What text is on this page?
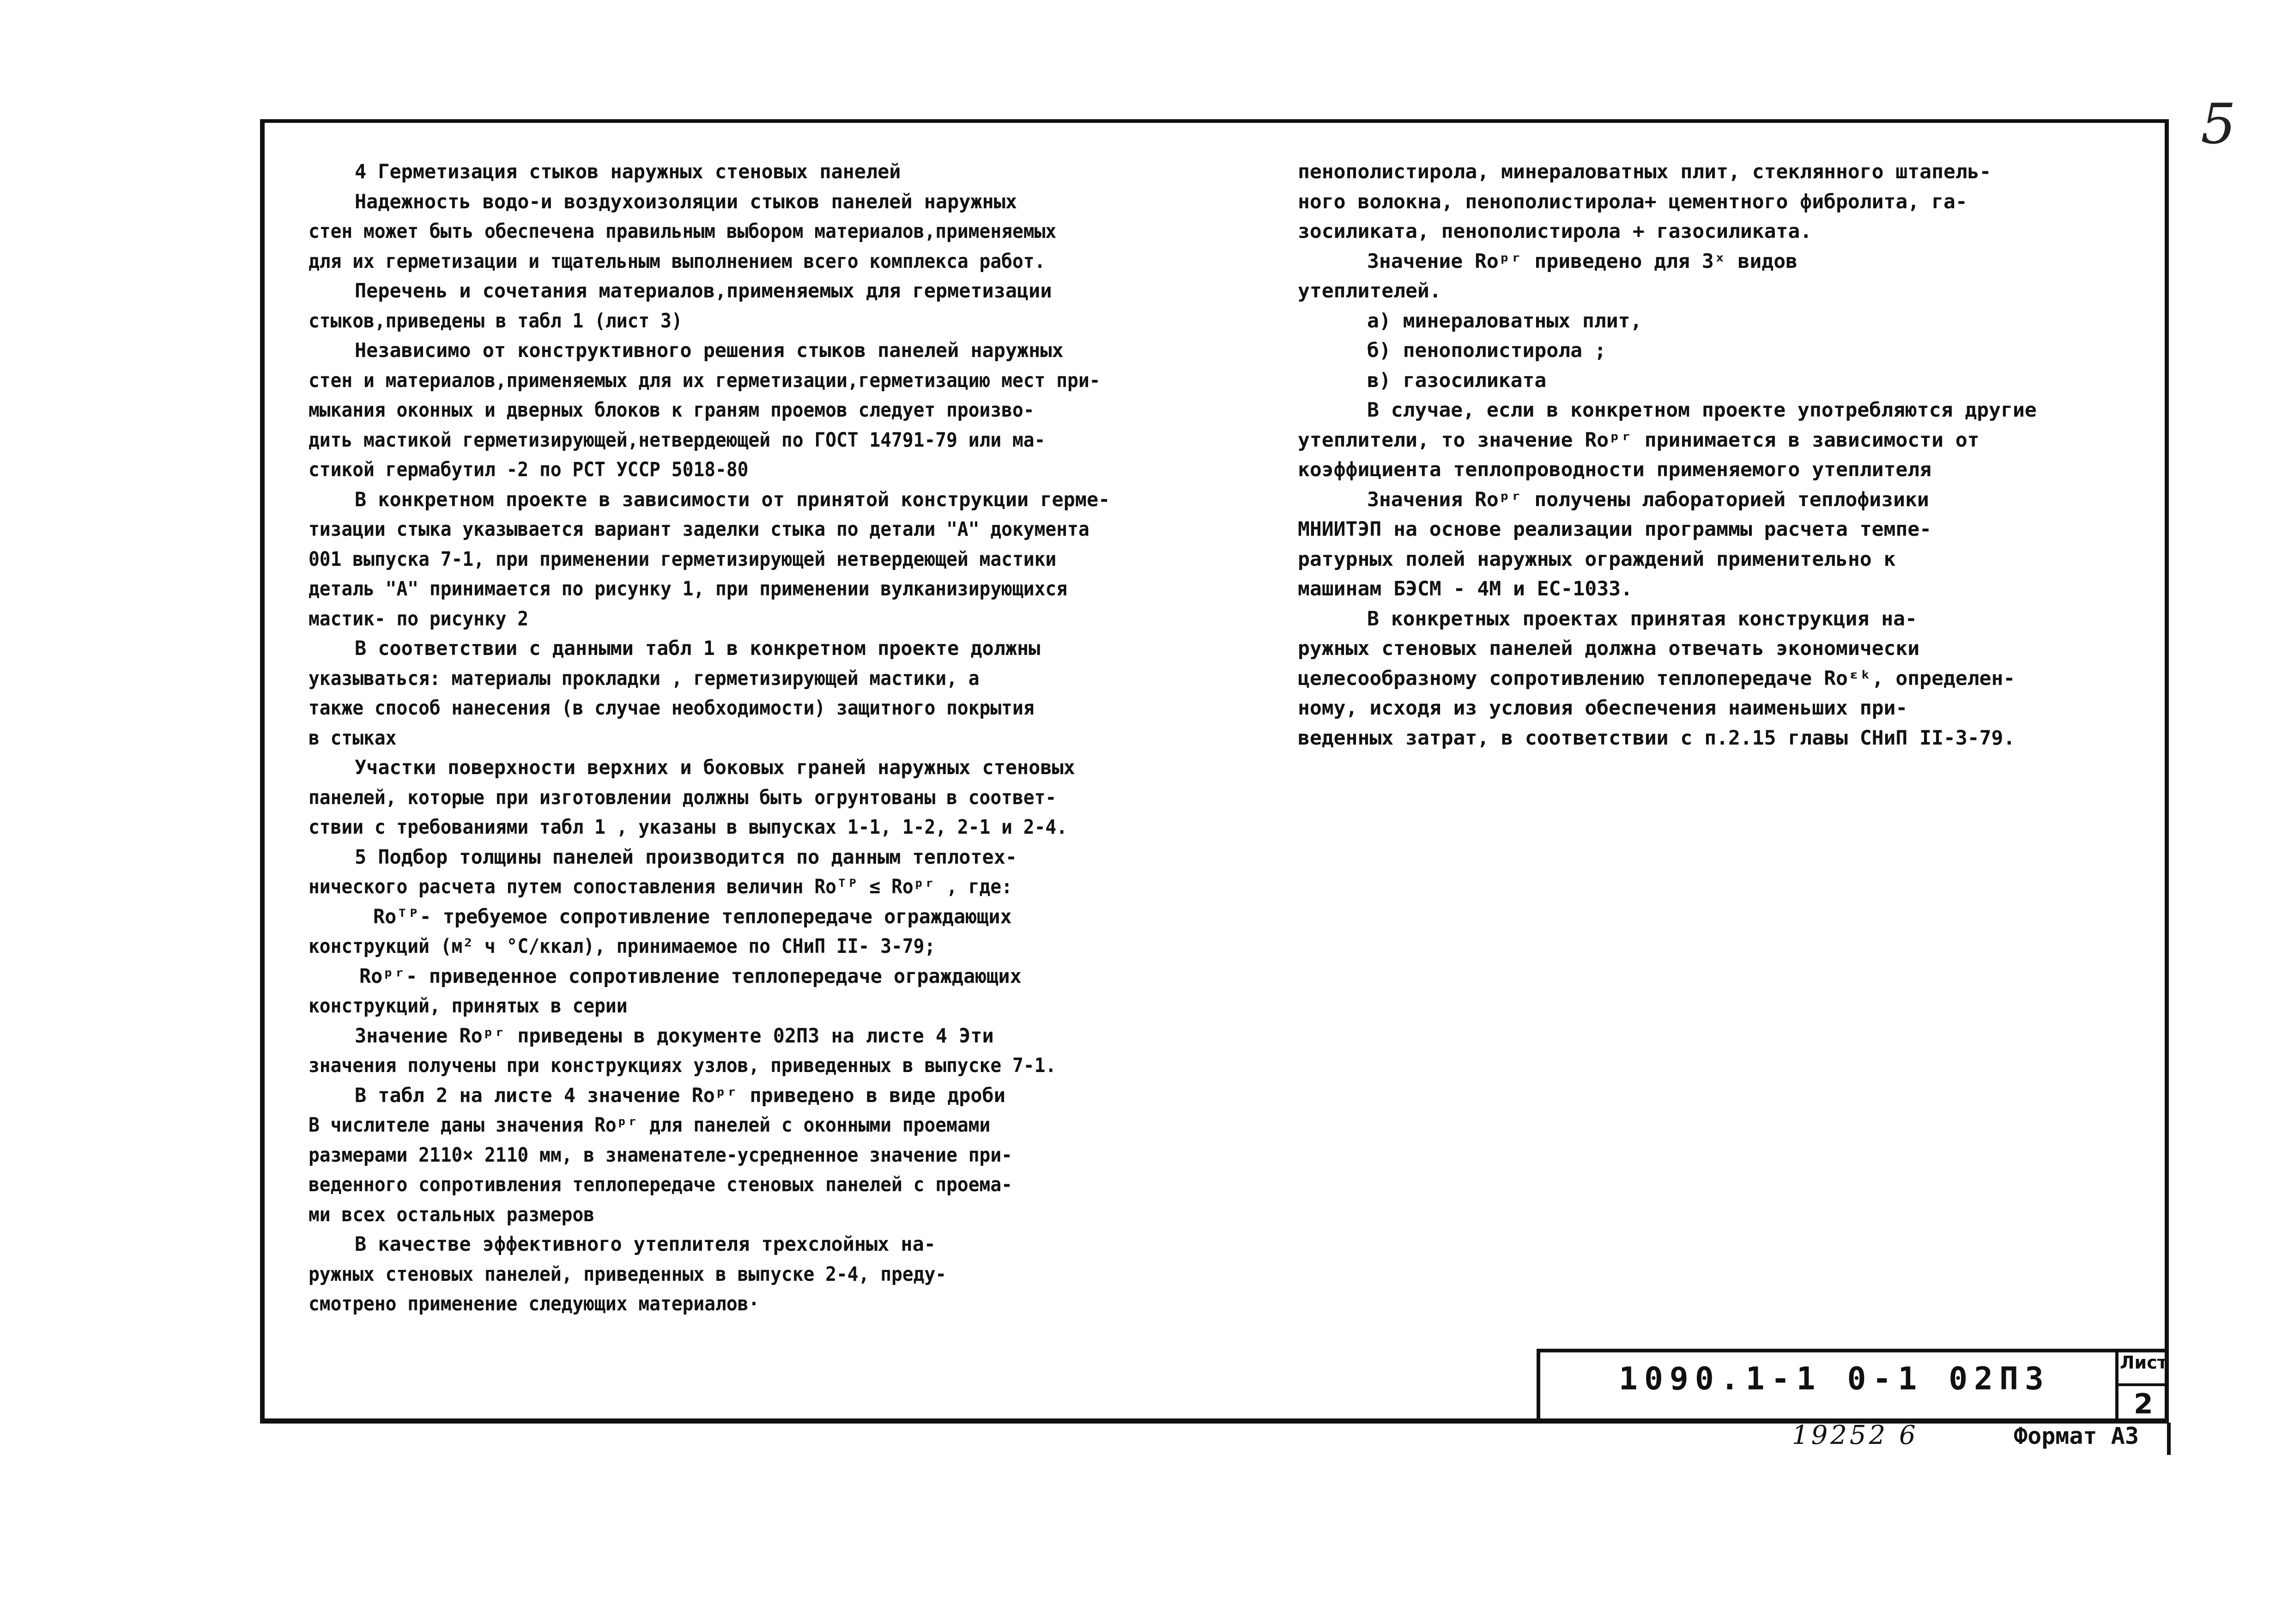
5
4 Герметизация стыков наружных стеновых панелей
Надежность водо-и воздухоизоляции стыков панелей наружных
стен может быть обеспечена правильным выбором материалов,применяемых
для их герметизации и тщательным выполнением всего комплекса работ.
Перечень и сочетания материалов,применяемых для герметизации
стыков,приведены в табл 1 (лист 3)
Независимо от конструктивного решения стыков панелей наружных
стен и материалов,применяемых для их герметизации,герметизацию мест при-
мыкания оконных и дверных блоков к граням проемов следует произво-
дить мастикой герметизирующей,нетвердеющей по ГОСТ 14791-79 или ма-
стикой гермабутил -2 по РСТ УССР 5018-80
В конкретном проекте в зависимости от принятой конструкции герме-
тизации стыка указывается вариант заделки стыка по детали "А" документа
001 выпуска 7-1, при применении герметизирующей нетвердеющей мастики
деталь "А" принимается по рисунку 1, при применении вулканизирующихся
мастик- по рисунку 2
В соответствии с данными табл 1 в конкретном проекте должны
указываться: материалы прокладки , герметизирующей мастики, а
также способ нанесения (в случае необходимости) защитного покрытия
в стыках
Участки поверхности верхних и боковых граней наружных стеновых
панелей, которые при изготовлении должны быть огрунтованы в соответ-
ствии с требованиями табл 1 , указаны в выпусках 1-1, 1-2, 2-1 и 2-4.
5 Подбор толщины панелей производится по данным теплотех-
нического расчета путем сопоставления величин Roᵀᴾ ≤ Roᵖʳ , где:
Roᵀᴾ- требуемое сопротивление теплопередаче ограждающих
конструкций (м² ч °С/ккал), принимаемое по СНиП II- 3-79;
Roᵖʳ- приведенное сопротивление теплопередаче ограждающих
конструкций, принятых в серии
Значение Roᵖʳ приведены в документе 02ПЗ на листе 4 Эти
значения получены при конструкциях узлов, приведенных в выпуске 7-1.
В табл 2 на листе 4 значение Roᵖʳ приведено в виде дроби
В числителе даны значения Roᵖʳ для панелей с оконными проемами
размерами 2110× 2110 мм, в знаменателе-усредненное значение при-
веденного сопротивления теплопередаче стеновых панелей с проема-
ми всех остальных размеров
В качестве эффективного утеплителя трехслойных на-
ружных стеновых панелей, приведенных в выпуске 2-4, преду-
смотрено применение следующих материалов·
пенополистирола, минераловатных плит, стеклянного штапель-
ного волокна, пенополистирола+ цементного фибролита, га-
зосиликата, пенополистирола + газосиликата.
Значение Roᵖʳ приведено для 3ˣ видов
утеплителей.
а) минераловатных плит,
б) пенополистирола ;
в) газосиликата
В случае, если в конкретном проекте употребляются другие
утеплители, то значение Roᵖʳ принимается в зависимости от
коэффициента теплопроводности применяемого утеплителя
Значения Roᵖʳ получены лабораторией теплофизики
МНИИТЭП на основе реализации программы расчета темпе-
ратурных полей наружных ограждений применительно к
машинам БЭСМ - 4М и ЕС-1033.
В конкретных проектах принятая конструкция на-
ружных стеновых панелей должна отвечать экономически
целесообразному сопротивлению теплопередаче Roᵋᵏ, определен-
ному, исходя из условия обеспечения наименьших при-
веденных затрат, в соответствии с п.2.15 главы СНиП II-3-79.
1090.1-1 0-1 02ПЗ	Лист
2
19252 6	Формат А3
